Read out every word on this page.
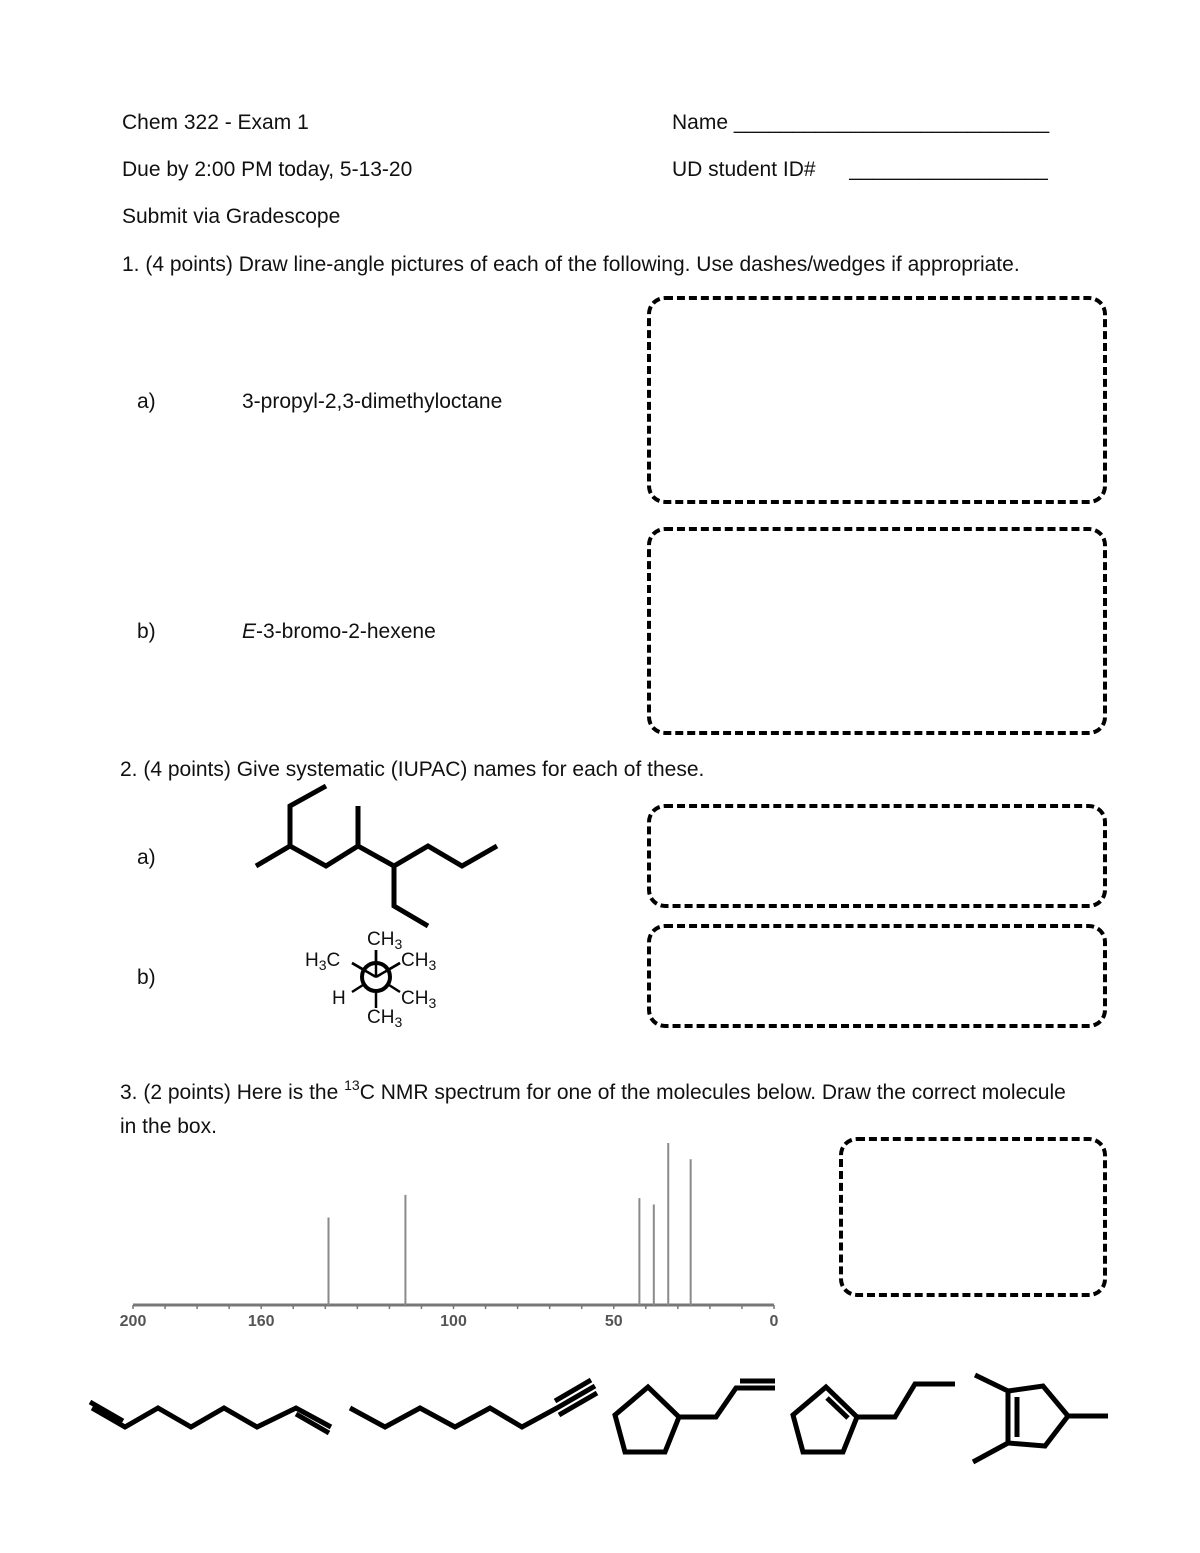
Chem 322 - Exam 1
Due by 2:00 PM today, 5-13-20
Submit via Gradescope
Name ___________________________
UD student ID# _________________
1. (4 points) Draw line-angle pictures of each of the following. Use dashes/wedges if appropriate.
a)	3-propyl-2,3-dimethyloctane
b)	E-3-bromo-2-hexene
2. (4 points) Give systematic (IUPAC) names for each of these.
a)
b)
$CH_3$
$H_3C$	$CH_3$
H	$CH_3$
$CH_3$
3. (2 points) Here is the $^{13}$C NMR spectrum for one of the molecules below. Draw the correct molecule in the box.
200	160	100	50	0
